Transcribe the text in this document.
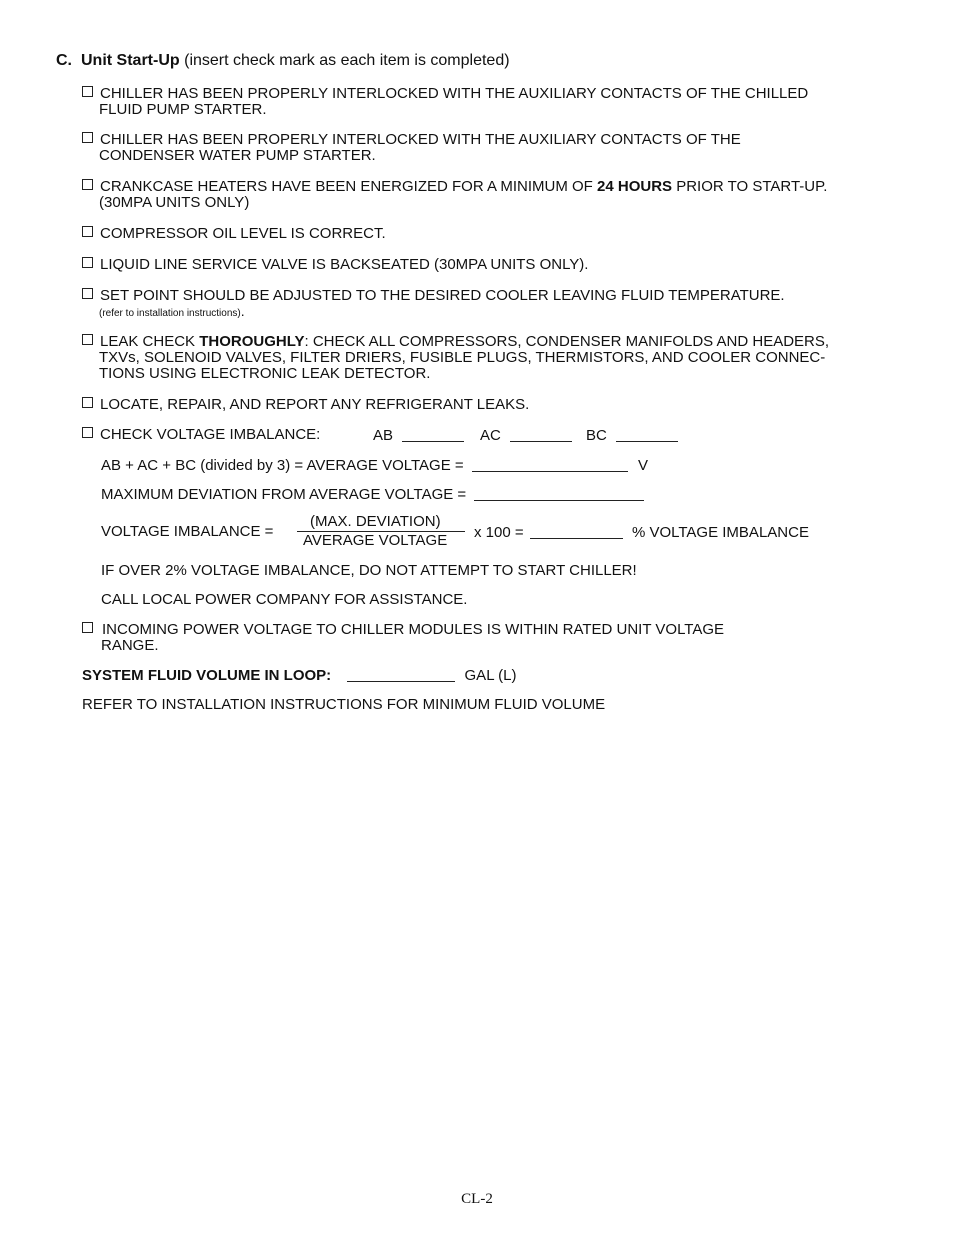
C. Unit Start-Up (insert check mark as each item is completed)
CHILLER HAS BEEN PROPERLY INTERLOCKED WITH THE AUXILIARY CONTACTS OF THE CHILLED
FLUID PUMP STARTER.
CHILLER HAS BEEN PROPERLY INTERLOCKED WITH THE AUXILIARY CONTACTS OF THE
CONDENSER WATER PUMP STARTER.
CRANKCASE HEATERS HAVE BEEN ENERGIZED FOR A MINIMUM OF 24 HOURS PRIOR TO START-UP.
(30MPA UNITS ONLY)
COMPRESSOR OIL LEVEL IS CORRECT.
LIQUID LINE SERVICE VALVE IS BACKSEATED (30MPA UNITS ONLY).
SET POINT SHOULD BE ADJUSTED TO THE DESIRED COOLER LEAVING FLUID TEMPERATURE.
(refer to installation instructions).
LEAK CHECK THOROUGHLY: CHECK ALL COMPRESSORS, CONDENSER MANIFOLDS AND HEADERS,
TXVs, SOLENOID VALVES, FILTER DRIERS, FUSIBLE PLUGS, THERMISTORS, AND COOLER CONNEC-
TIONS USING ELECTRONIC LEAK DETECTOR.
LOCATE, REPAIR, AND REPORT ANY REFRIGERANT LEAKS.
CHECK VOLTAGE IMBALANCE:	AB	AC	BC
AB + AC + BC (divided by 3) = AVERAGE VOLTAGE =	V
MAXIMUM DEVIATION FROM AVERAGE VOLTAGE =
VOLTAGE IMBALANCE =
(MAX. DEVIATION)
AVERAGE VOLTAGE x 100 =	% VOLTAGE IMBALANCE
IF OVER 2% VOLTAGE IMBALANCE, DO NOT ATTEMPT TO START CHILLER!
CALL LOCAL POWER COMPANY FOR ASSISTANCE.
INCOMING POWER VOLTAGE TO CHILLER MODULES IS WITHIN RATED UNIT VOLTAGE
RANGE.
SYSTEM FLUID VOLUME IN LOOP:	GAL (L)
REFER TO INSTALLATION INSTRUCTIONS FOR MINIMUM FLUID VOLUME
CL-2
